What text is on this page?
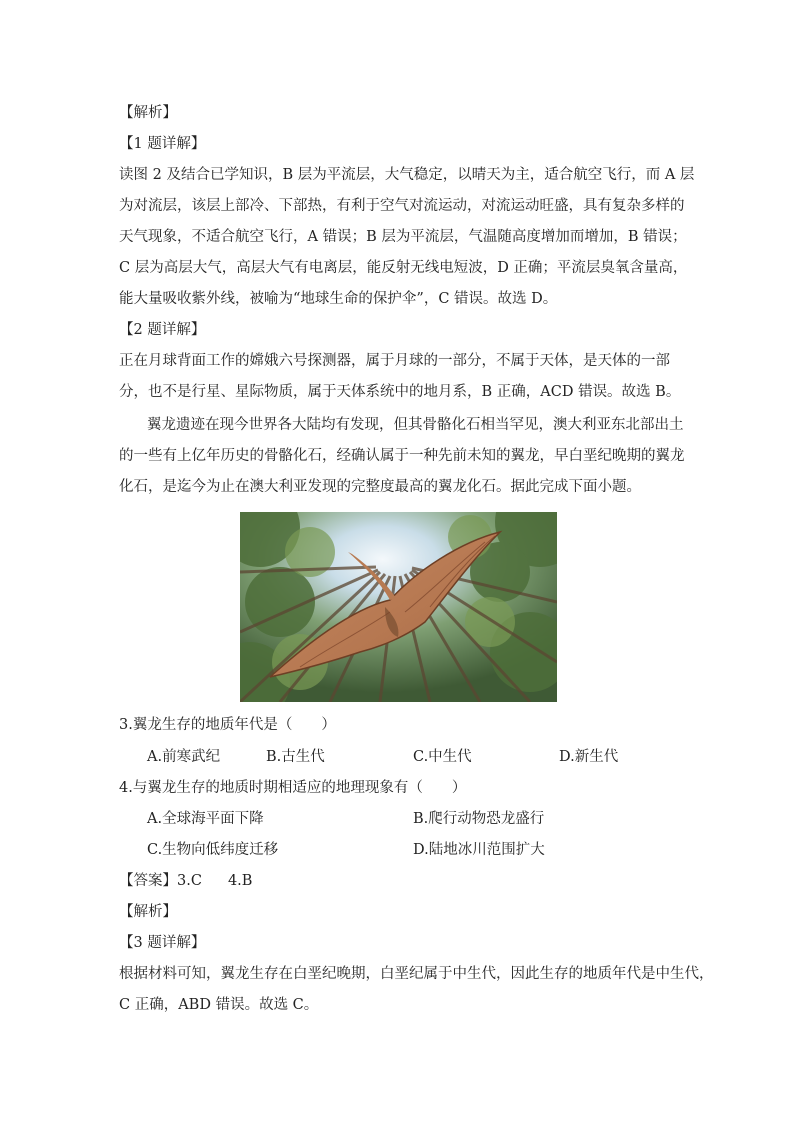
【解析】
【1 题详解】
读图 2 及结合已学知识，B 层为平流层，大气稳定，以晴天为主，适合航空飞行，而 A 层
为对流层，该层上部冷、下部热，有利于空气对流运动，对流运动旺盛，具有复杂多样的
天气现象，不适合航空飞行，A 错误；B 层为平流层，气温随高度增加而增加，B 错误；
C 层为高层大气，高层大气有电离层，能反射无线电短波，D 正确；平流层臭氧含量高，
能大量吸收紫外线，被喻为“地球生命的保护伞”，C 错误。故选 D。
【2 题详解】
正在月球背面工作的嫦娥六号探测器，属于月球的一部分，不属于天体，是天体的一部
分，也不是行星、星际物质，属于天体系统中的地月系，B 正确，ACD 错误。故选 B。
翼龙遗迹在现今世界各大陆均有发现，但其骨骼化石相当罕见，澳大利亚东北部出土
的一些有上亿年历史的骨骼化石，经确认属于一种先前未知的翼龙，早白垩纪晚期的翼龙
化石，是迄今为止在澳大利亚发现的完整度最高的翼龙化石。据此完成下面小题。
3.翼龙生存的地质年代是（　　）
A.前寒武纪	B.古生代	C.中生代	D.新生代
4.与翼龙生存的地质时期相适应的地理现象有（　　）
A.全球海平面下降	B.爬行动物恐龙盛行
C.生物向低纬度迁移	D.陆地冰川范围扩大
【答案】3.C 4.B
【解析】
【3 题详解】
根据材料可知，翼龙生存在白垩纪晚期，白垩纪属于中生代，因此生存的地质年代是中生代，
C 正确，ABD 错误。故选 C。
